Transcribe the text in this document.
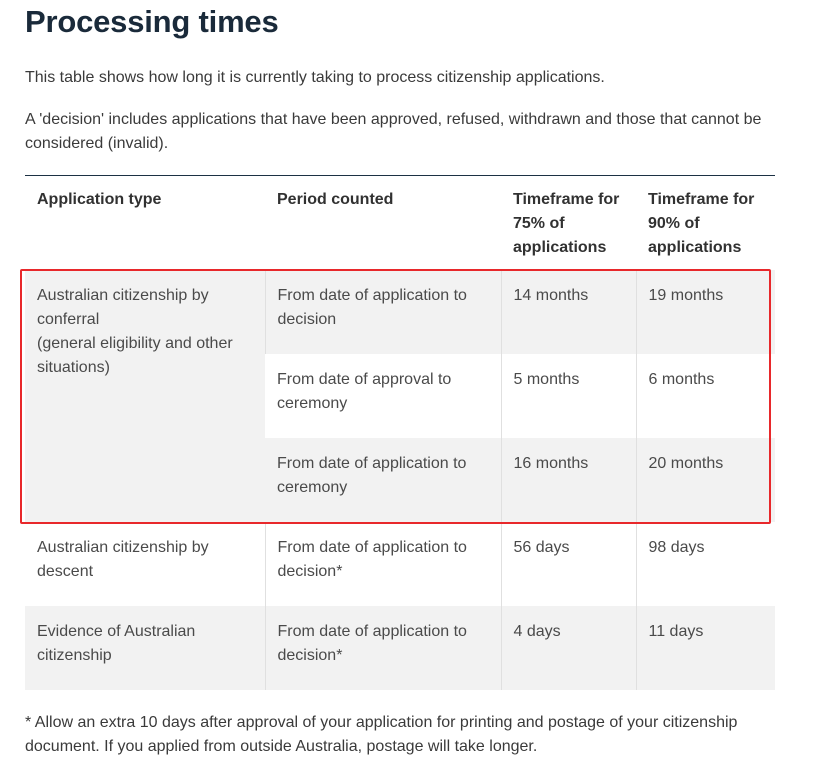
Processing times

This table shows how long it is currently taking to process citizenship applications.

A 'decision' includes applications that have been approved, refused, withdrawn and those that cannot be considered (invalid).

Application type	Period counted	Timeframe for 75% of applications	Timeframe for  90% of applications
Australian citizenship by conferral
(general eligibility and other situations)	From date of application to decision	14 months	19 months
	From date of approval to ceremony	5 months	6 months
	From date of application to ceremony	16 months	20 months
Australian citizenship by descent	From date of application to decision*	56 days	98 days
Evidence of Australian citizenship	From date of application to decision*	4 days	11 days

* Allow an extra 10 days after approval of your application for printing and postage of your citizenship document. If you applied from outside Australia, postage will take longer.
